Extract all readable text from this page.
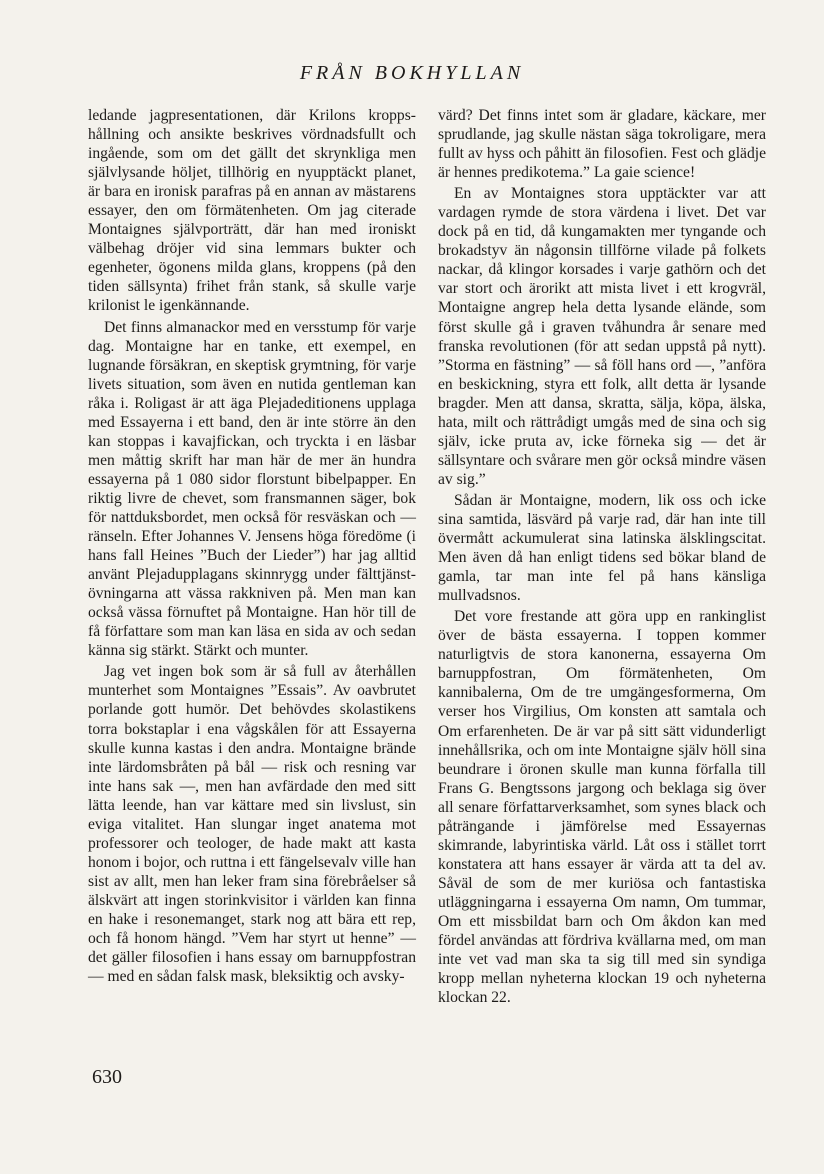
FRÅN BOKHYLLAN

ledande jagpresentationen, där Krilons kropps-hållning och ansikte beskrives vördnadsfullt och ingående, som om det gällt det skrynkliga men självlysande höljet, tillhörig en nyupptäckt planet, är bara en ironisk parafras på en annan av mästarens essayer, den om förmätenheten. Om jag citerade Montaignes självporträtt, där han med ironiskt välbehag dröjer vid sina lemmars bukter och egenheter, ögonens milda glans, kroppens (på den tiden sällsynta) frihet från stank, så skulle varje krilonist le igenkännande.

Det finns almanackor med en versstump för varje dag. Montaigne har en tanke, ett exempel, en lugnande försäkran, en skeptisk grymtning, för varje livets situation, som även en nutida gentleman kan råka i. Roligast är att äga Plejadeditionens upplaga med Essayerna i ett band, den är inte större än den kan stoppas i kavajfickan, och tryckta i en läsbar men måttig skrift har man här de mer än hundra essayerna på 1 080 sidor florstunt bibelpapper. En riktig livre de chevet, som fransmannen säger, bok för nattduksbordet, men också för resväskan och — ränseln. Efter Johannes V. Jensens höga föredöme (i hans fall Heines ”Buch der Lieder”) har jag alltid använt Plejadupplagans skinnrygg under fälttjänst-övningarna att vässa rakkniven på. Men man kan också vässa förnuftet på Montaigne. Han hör till de få författare som man kan läsa en sida av och sedan känna sig stärkt. Stärkt och munter.

Jag vet ingen bok som är så full av återhållen munterhet som Montaignes ”Essais”. Av oavbrutet porlande gott humör. Det behövdes skolastikens torra bokstaplar i ena vågskålen för att Essayerna skulle kunna kastas i den andra. Montaigne brände inte lärdomsbråten på bål — risk och resning var inte hans sak —, men han avfärdade den med sitt lätta leende, han var kättare med sin livslust, sin eviga vitalitet. Han slungar inget anatema mot professorer och teologer, de hade makt att kasta honom i bojor, och ruttna i ett fängelsevalv ville han sist av allt, men han leker fram sina förebråelser så älskvärt att ingen storinkvisitor i världen kan finna en hake i resonemanget, stark nog att bära ett rep, och få honom hängd. ”Vem har styrt ut henne” — det gäller filosofien i hans essay om barnuppfostran — med en sådan falsk mask, bleksiktig och avsky-

värd? Det finns intet som är gladare, käckare, mer sprudlande, jag skulle nästan säga tokroligare, mera fullt av hyss och påhitt än filosofien. Fest och glädje är hennes predikotema.” La gaie science!

En av Montaignes stora upptäckter var att vardagen rymde de stora värdena i livet. Det var dock på en tid, då kungamakten mer tyngande och brokadstyv än någonsin tillförne vilade på folkets nackar, då klingor korsades i varje gathörn och det var stort och ärorikt att mista livet i ett krogvräl, Montaigne angrep hela detta lysande elände, som först skulle gå i graven tvåhundra år senare med franska revolutionen (för att sedan uppstå på nytt). ”Storma en fästning” — så föll hans ord —, ”anföra en beskickning, styra ett folk, allt detta är lysande bragder. Men att dansa, skratta, sälja, köpa, älska, hata, milt och rättrådigt umgås med de sina och sig själv, icke pruta av, icke förneka sig — det är sällsyntare och svårare men gör också mindre väsen av sig.”

Sådan är Montaigne, modern, lik oss och icke sina samtida, läsvärd på varje rad, där han inte till övermått ackumulerat sina latinska älsklingscitat. Men även då han enligt tidens sed bökar bland de gamla, tar man inte fel på hans känsliga mullvadsnos.

Det vore frestande att göra upp en rankinglist över de bästa essayerna. I toppen kommer naturligtvis de stora kanonerna, essayerna Om barnuppfostran, Om förmätenheten, Om kannibalerna, Om de tre umgängesformerna, Om verser hos Virgilius, Om konsten att samtala och Om erfarenheten. De är var på sitt sätt vidunderligt innehållsrika, och om inte Montaigne själv höll sina beundrare i öronen skulle man kunna förfalla till Frans G. Bengtssons jargong och beklaga sig över all senare författarverksamhet, som synes black och påträngande i jämförelse med Essayernas skimrande, labyrintiska värld. Låt oss i stället torrt konstatera att hans essayer är värda att ta del av. Såväl de som de mer kuriösa och fantastiska utläggningarna i essayerna Om namn, Om tummar, Om ett missbildat barn och Om åkdon kan med fördel användas att fördriva kvällarna med, om man inte vet vad man ska ta sig till med sin syndiga kropp mellan nyheterna klockan 19 och nyheterna klockan 22.

630
